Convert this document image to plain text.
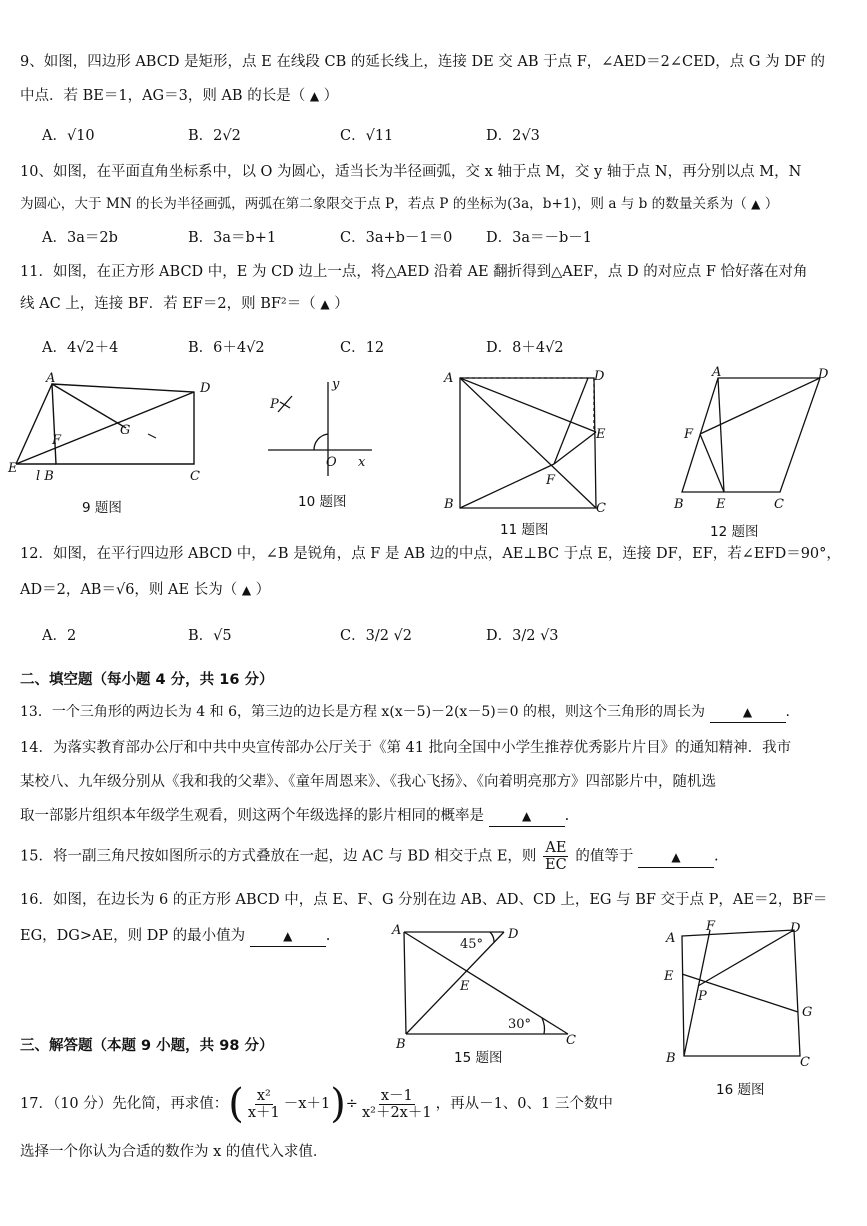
9、如图，四边形 ABCD 是矩形，点 E 在线段 CB 的延长线上，连接 DE 交 AB 于点 F，∠AED＝2∠CED，点 G 为 DF 的
中点．若 BE＝1，AG＝3，则 AB 的长是（ ▲ ）
A．√10	B．2√2	C．√11	D．2√3
10、如图，在平面直角坐标系中，以 O 为圆心，适当长为半径画弧，交 x 轴于点 M，交 y 轴于点 N，再分别以点 M，N
为圆心，大于 MN 的长为半径画弧，两弧在第二象限交于点 P，若点 P 的坐标为(3a，b+1)，则 a 与 b 的数量关系为（ ▲ ）
A．3a＝2b	B．3a＝b+1	C．3a+b－1＝0 D．3a＝－b－1
11．如图，在正方形 ABCD 中，E 为 CD 边上一点，将△AED 沿着 AE 翻折得到△AEF，点 D 的对应点 F 恰好落在对角
线 AC 上，连接 BF．若 EF＝2，则 BF²＝（ ▲ ）
A．4√2＋4	B．6＋4√2	C．12	D．8＋4√2
A
D
F
G
E
l B	C
9 题图
P
y
O x
10 题图
A	D
E
F
B	C
11 题图
A	D
F
B E	C
12 题图
12．如图，在平行四边形 ABCD 中，∠B 是锐角，点 F 是 AB 边的中点，AE⊥BC 于点 E，连接 DF，EF，若∠EFD＝90°，
AD＝2，AB＝√6，则 AE 长为（ ▲ ）
A．2	B．√5	C．3/2 √2	D．3/2 √3
二、填空题（每小题 4 分，共 16 分）
13．一个三角形的两边长为 4 和 6，第三边的边长是方程 x(x－5)－2(x－5)＝0 的根，则这个三角形的周长为	▲ .
14．为落实教育部办公厅和中共中央宣传部办公厅关于《第 41 批向全国中小学生推荐优秀影片片目》的通知精神．我市
某校八、九年级分别从《我和我的父辈》、《童年周恩来》、《我心飞扬》、《向着明亮那方》四部影片中，随机选
取一部影片组织本年级学生观看，则这两个年级选择的影片相同的概率是	▲ .
15．将一副三角尺按如图所示的方式叠放在一起，边 AC 与 BD 相交于点 E，则 $\frac{AE}{EC}$ 的值等于	▲ .
16．如图，在边长为 6 的正方形 ABCD 中，点 E、F、G 分别在边 AB、AD、CD 上，EG 与 BF 交于点 P，AE＝2，BF＝
EG，DG>AE，则 DP 的最小值为	▲ .	A	D
E
B	C
45°
30°
15 题图
A
F	D
E
P
G
B	C
16 题图
三、解答题（本题 9 小题，共 98 分）
17．（10 分）先化简，再求值： ( $\frac{\text{x²}}{x+1} -x+1$ ) ÷ $\frac{x-1}{\text{x²＋2x＋1}}$ ，再从－1、0、1 三个数中
选择一个你认为合适的数作为 x 的值代入求值．
